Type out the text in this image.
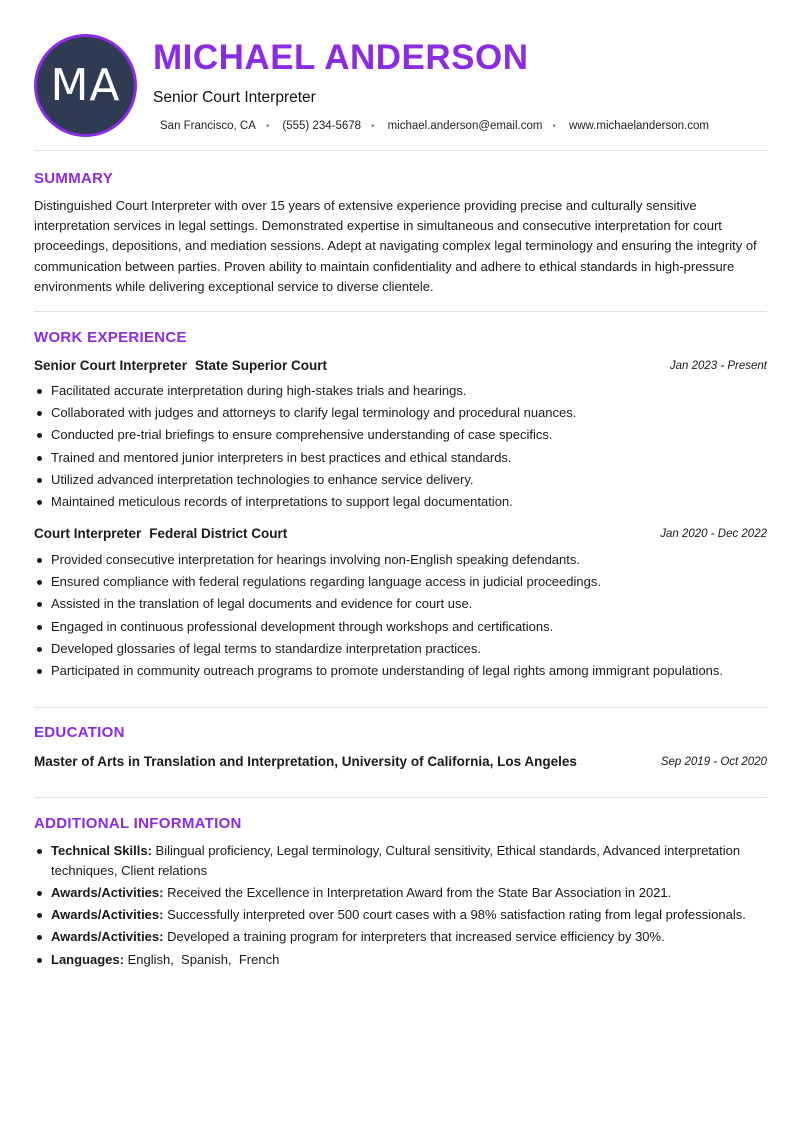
MA
MICHAEL ANDERSON
Senior Court Interpreter
San Francisco, CA • (555) 234-5678 • michael.anderson@email.com • www.michaelanderson.com
SUMMARY
Distinguished Court Interpreter with over 15 years of extensive experience providing precise and culturally sensitive interpretation services in legal settings. Demonstrated expertise in simultaneous and consecutive interpretation for court proceedings, depositions, and mediation sessions. Adept at navigating complex legal terminology and ensuring the integrity of communication between parties. Proven ability to maintain confidentiality and adhere to ethical standards in high-pressure environments while delivering exceptional service to diverse clientele.
WORK EXPERIENCE
Senior Court Interpreter State Superior Court	Jan 2023 - Present
Facilitated accurate interpretation during high-stakes trials and hearings.
Collaborated with judges and attorneys to clarify legal terminology and procedural nuances.
Conducted pre-trial briefings to ensure comprehensive understanding of case specifics.
Trained and mentored junior interpreters in best practices and ethical standards.
Utilized advanced interpretation technologies to enhance service delivery.
Maintained meticulous records of interpretations to support legal documentation.
Court Interpreter Federal District Court	Jan 2020 - Dec 2022
Provided consecutive interpretation for hearings involving non-English speaking defendants.
Ensured compliance with federal regulations regarding language access in judicial proceedings.
Assisted in the translation of legal documents and evidence for court use.
Engaged in continuous professional development through workshops and certifications.
Developed glossaries of legal terms to standardize interpretation practices.
Participated in community outreach programs to promote understanding of legal rights among immigrant populations.
EDUCATION
Master of Arts in Translation and Interpretation, University of California, Los Angeles	Sep 2019 - Oct 2020
ADDITIONAL INFORMATION
Technical Skills: Bilingual proficiency, Legal terminology, Cultural sensitivity, Ethical standards, Advanced interpretation techniques, Client relations
Awards/Activities: Received the Excellence in Interpretation Award from the State Bar Association in 2021.
Awards/Activities: Successfully interpreted over 500 court cases with a 98% satisfaction rating from legal professionals.
Awards/Activities: Developed a training program for interpreters that increased service efficiency by 30%.
Languages: English,  Spanish,  French
